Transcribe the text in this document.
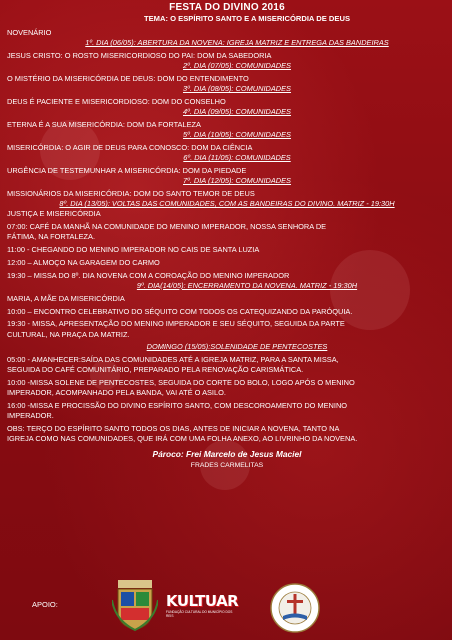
FESTA DO DIVINO 2016
TEMA: O ESPÍRITO SANTO E A MISERICÓRDIA DE DEUS
NOVENÁRIO
1º. DIA (06/05): ABERTURA DA NOVENA: IGREJA MATRIZ E ENTREGA DAS BANDEIRAS
JESUS CRISTO: O ROSTO MISERICORDIOSO DO PAI: DOM DA SABEDORIA
2º. DIA (07/05): COMUNIDADES
O MISTÉRIO DA MISERICÓRDIA DE DEUS: DOM DO ENTENDIMENTO
3º. DIA (08/05): COMUNIDADES
DEUS É PACIENTE E MISERICORDIOSO: DOM DO CONSELHO
4º. DIA (09/05): COMUNIDADES
ETERNA É A SUA MISERICÓRDIA: DOM DA FORTALEZA
5º. DIA (10/05): COMUNIDADES
MISERICÓRDIA: O AGIR DE DEUS PARA CONOSCO: DOM DA CIÊNCIA
6º. DIA (11/05): COMUNIDADES
URGÊNCIA DE TESTEMUNHAR A MISERICÓRDIA: DOM DA PIEDADE
7º. DIA (12/05): COMUNIDADES
MISSIONÁRIOS DA MISERICÓRDIA: DOM DO SANTO TEMOR DE DEUS
8º. DIA (13/05): VOLTAS DAS COMUNIDADES, COM AS BANDEIRAS DO DIVINO. MATRIZ - 19:30H
JUSTIÇA E MISERICÓRDIA
07:00: CAFÉ DA MANHÃ NA COMUNIDADE DO MENINO IMPERADOR, NOSSA SENHORA DE
FÁTIMA, NA FORTALEZA.
11:00 - CHEGANDO DO MENINO IMPERADOR NO CAIS DE SANTA LUZIA
12:00 – ALMOÇO NA GARAGEM DO CARMO
19:30 – MISSA DO 8º. DIA NOVENA COM A COROAÇÃO DO MENINO IMPERADOR
9º. DIA(14/05): ENCERRAMENTO DA NOVENA. MATRIZ - 19:30H
MARIA, A MÃE DA MISERICÓRDIA
10:00 – ENCONTRO CELEBRATIVO DO SÉQUITO COM TODOS OS CATEQUIZANDO DA PARÓQUIA.
19:30 - MISSA, APRESENTAÇÃO DO MENINO IMPERADOR E SEU SÉQUITO, SEGUIDA DA PARTE
CULTURAL, NA PRAÇA DA MATRIZ.
DOMINGO (15/05):SOLENIDADE DE PENTECOSTES
05:00 - AMANHECER:SAÍDA DAS COMUNIDADES ATÉ A IGREJA MATRIZ, PARA A SANTA MISSA,
SEGUIDA DO CAFÉ COMUNITÁRIO, PREPARADO PELA RENOVAÇÃO CARISMÁTICA.
10:00 -MISSA SOLENE DE PENTECOSTES, SEGUIDA DO CORTE DO BOLO, LOGO APÓS O MENINO
IMPERADOR, ACOMPANHADO PELA BANDA, VAI ATÉ O ASILO.
16:00 -MISSA E PROCISSÃO DO DIVINO ESPÍRITO SANTO, COM DESCOROAMENTO DO MENINO
IMPERADOR.
OBS: TERÇO DO ESPÍRITO SANTO TODOS OS DIAS, ANTES DE INICIAR A NOVENA, TANTO NA
IGREJA COMO NAS COMUNIDADES, QUE IRÁ COM UMA FOLHA ANEXO, AO LIVRINHO DA NOVENA.
Pároco: Frei Marcelo de Jesus Maciel
FRADES CARMELITAS
APOIO:	KULTUAR
FUNDAÇÃO CULTURAL DO MUNICÍPIO DOS REIS
